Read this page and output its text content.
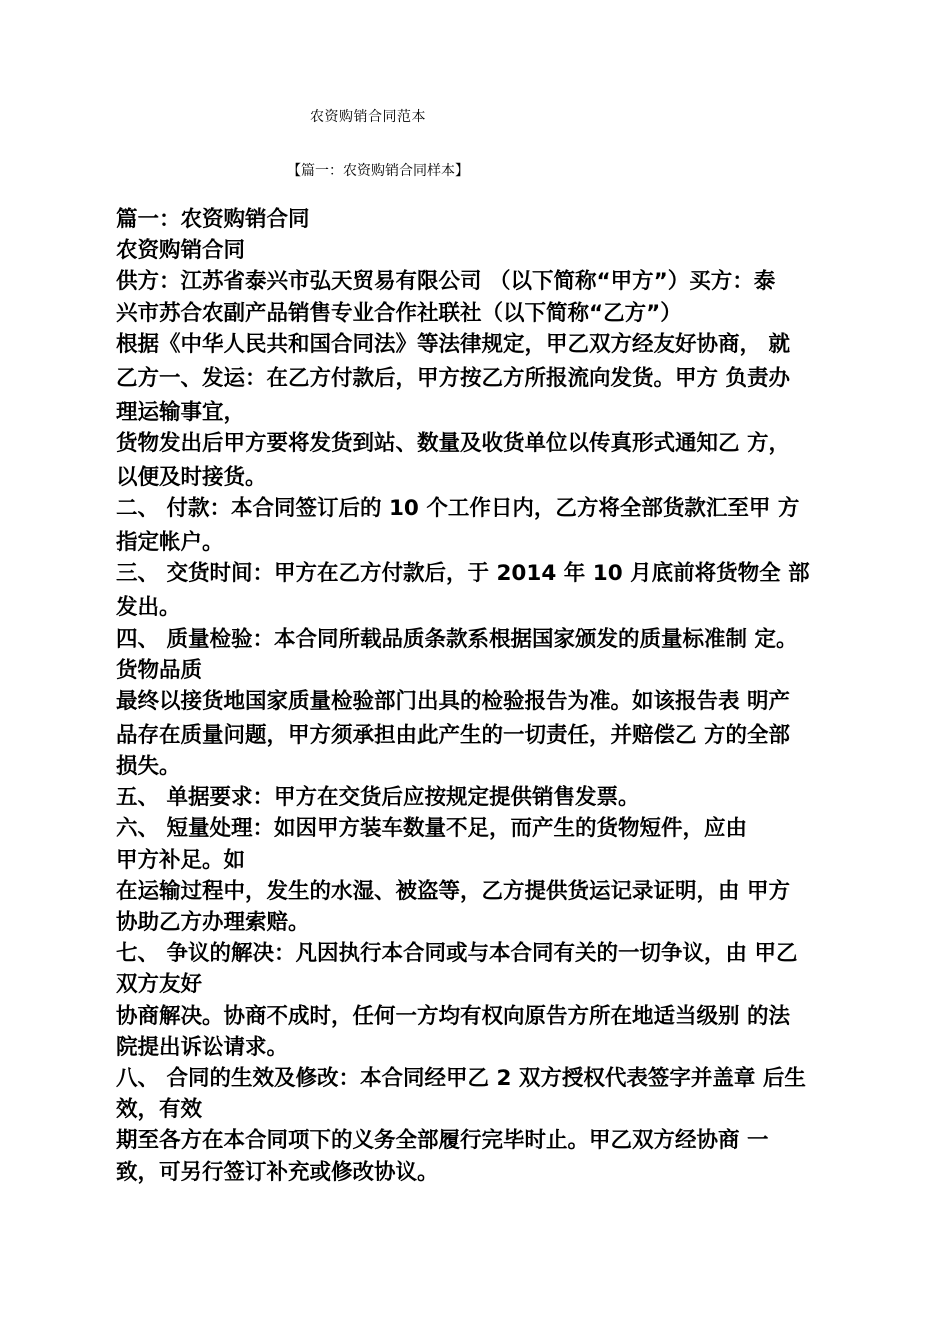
农资购销合同范本
【篇一：农资购销合同样本】
篇一：农资购销合同
农资购销合同
供方：江苏省泰兴市弘天贸易有限公司 （以下简称“甲方”）买方：泰
兴市苏合农副产品销售专业合作社联社（以下简称“乙方”）
根据《中华人民共和国合同法》等法律规定，甲乙双方经友好协商， 就
乙方一、发运：在乙方付款后，甲方按乙方所报流向发货。甲方 负责办
理运输事宜，
货物发出后甲方要将发货到站、数量及收货单位以传真形式通知乙 方，
以便及时接货。
二、 付款：本合同签订后的 10 个工作日内，乙方将全部货款汇至甲 方
指定帐户。
三、 交货时间：甲方在乙方付款后，于 2014 年 10 月底前将货物全 部
发出。
四、 质量检验：本合同所载品质条款系根据国家颁发的质量标准制 定。
货物品质
最终以接货地国家质量检验部门出具的检验报告为准。如该报告表 明产
品存在质量问题，甲方须承担由此产生的一切责任，并赔偿乙 方的全部
损失。
五、 单据要求：甲方在交货后应按规定提供销售发票。
六、 短量处理：如因甲方装车数量不足，而产生的货物短件，应由
甲方补足。如
在运输过程中，发生的水湿、被盗等，乙方提供货运记录证明，由 甲方
协助乙方办理索赔。
七、 争议的解决：凡因执行本合同或与本合同有关的一切争议，由 甲乙
双方友好
协商解决。协商不成时，任何一方均有权向原告方所在地适当级别 的法
院提出诉讼请求。
八、 合同的生效及修改：本合同经甲乙 2 双方授权代表签字并盖章 后生
效，有效
期至各方在本合同项下的义务全部履行完毕时止。甲乙双方经协商 一
致，可另行签订补充或修改协议。
